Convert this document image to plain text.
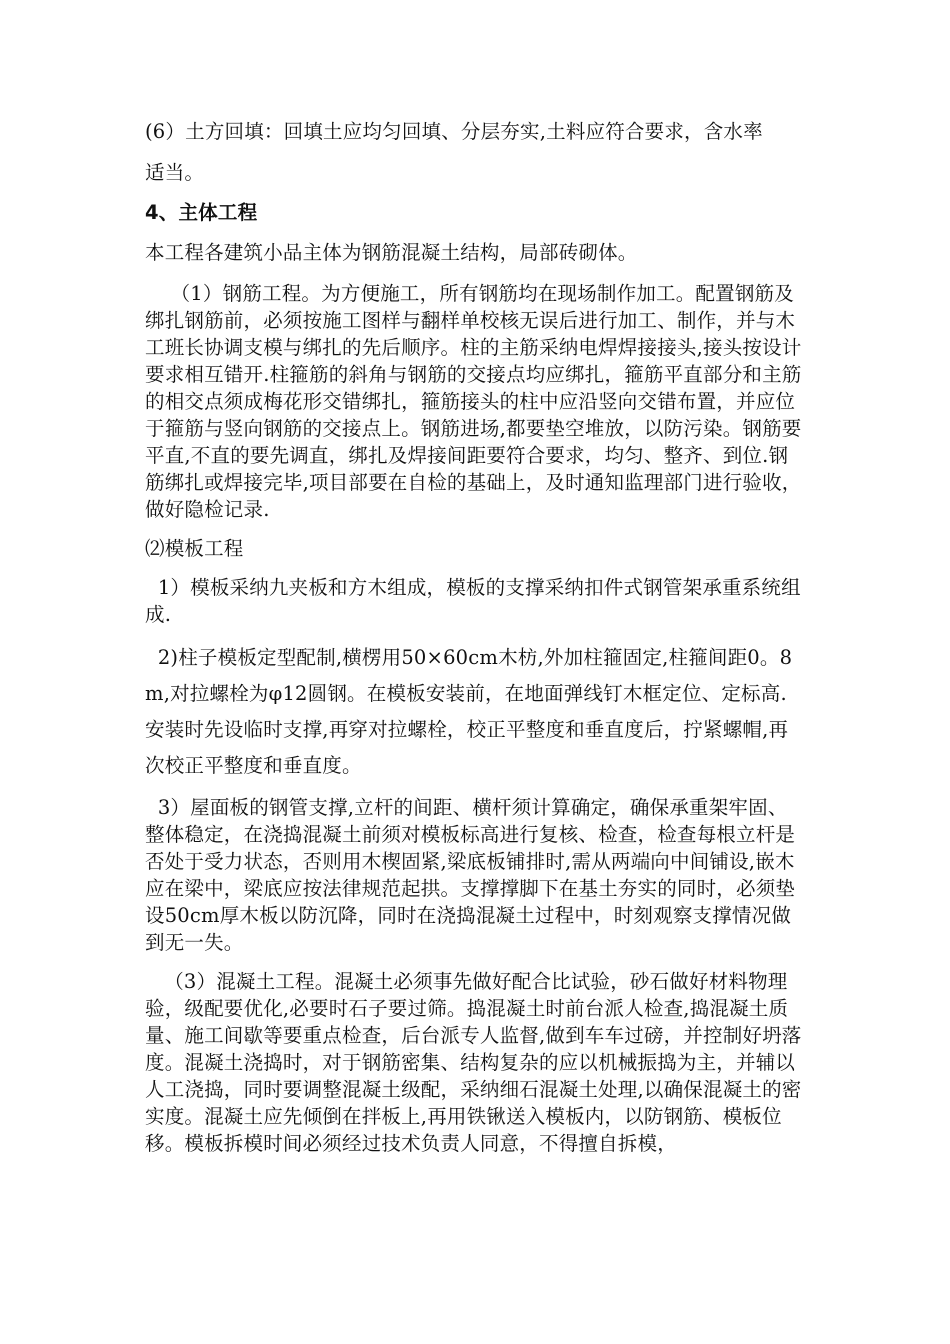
(6）土方回填：回填土应均匀回填、分层夯实,土料应符合要求，含水率

适当。

4、主体工程

本工程各建筑小品主体为钢筋混凝土结构，局部砖砌体。

（1）钢筋工程。为方便施工，所有钢筋均在现场制作加工。配置钢筋及绑扎钢筋前，必须按施工图样与翻样单校核无误后进行加工、制作，并与木工班长协调支模与绑扎的先后顺序。柱的主筋采纳电焊焊接接头,接头按设计要求相互错开.柱箍筋的斜角与钢筋的交接点均应绑扎，箍筋平直部分和主筋的相交点须成梅花形交错绑扎，箍筋接头的柱中应沿竖向交错布置，并应位于箍筋与竖向钢筋的交接点上。钢筋进场,都要垫空堆放，以防污染。钢筋要平直,不直的要先调直，绑扎及焊接间距要符合要求，均匀、整齐、到位.钢筋绑扎或焊接完毕,项目部要在自检的基础上，及时通知监理部门进行验收，做好隐检记录.

⑵模板工程

1）模板采纳九夹板和方木组成，模板的支撑采纳扣件式钢管架承重系统组成.

2)柱子模板定型配制,横楞用50×60cm木枋,外加柱箍固定,柱箍间距0。8m,对拉螺栓为φ12圆钢。在模板安装前，在地面弹线钉木框定位、定标高.安装时先设临时支撑,再穿对拉螺栓，校正平整度和垂直度后，拧紧螺帽,再次校正平整度和垂直度。

3）屋面板的钢管支撑,立杆的间距、横杆须计算确定，确保承重架牢固、整体稳定，在浇捣混凝土前须对模板标高进行复核、检查，检查每根立杆是否处于受力状态，否则用木楔固紧,梁底板铺排时,需从两端向中间铺设,嵌木应在梁中，梁底应按法律规范起拱。支撑撑脚下在基土夯实的同时，必须垫设50cm厚木板以防沉降，同时在浇捣混凝土过程中，时刻观察支撑情况做到无一失。

（3）混凝土工程。混凝土必须事先做好配合比试验，砂石做好材料物理验，级配要优化,必要时石子要过筛。捣混凝土时前台派人检查,捣混凝土质量、施工间歇等要重点检查，后台派专人监督,做到车车过磅，并控制好坍落度。混凝土浇捣时，对于钢筋密集、结构复杂的应以机械振捣为主，并辅以人工浇捣，同时要调整混凝土级配，采纳细石混凝土处理,以确保混凝土的密实度。混凝土应先倾倒在拌板上,再用铁锹送入模板内，以防钢筋、模板位移。模板拆模时间必须经过技术负责人同意，不得擅自拆模，
